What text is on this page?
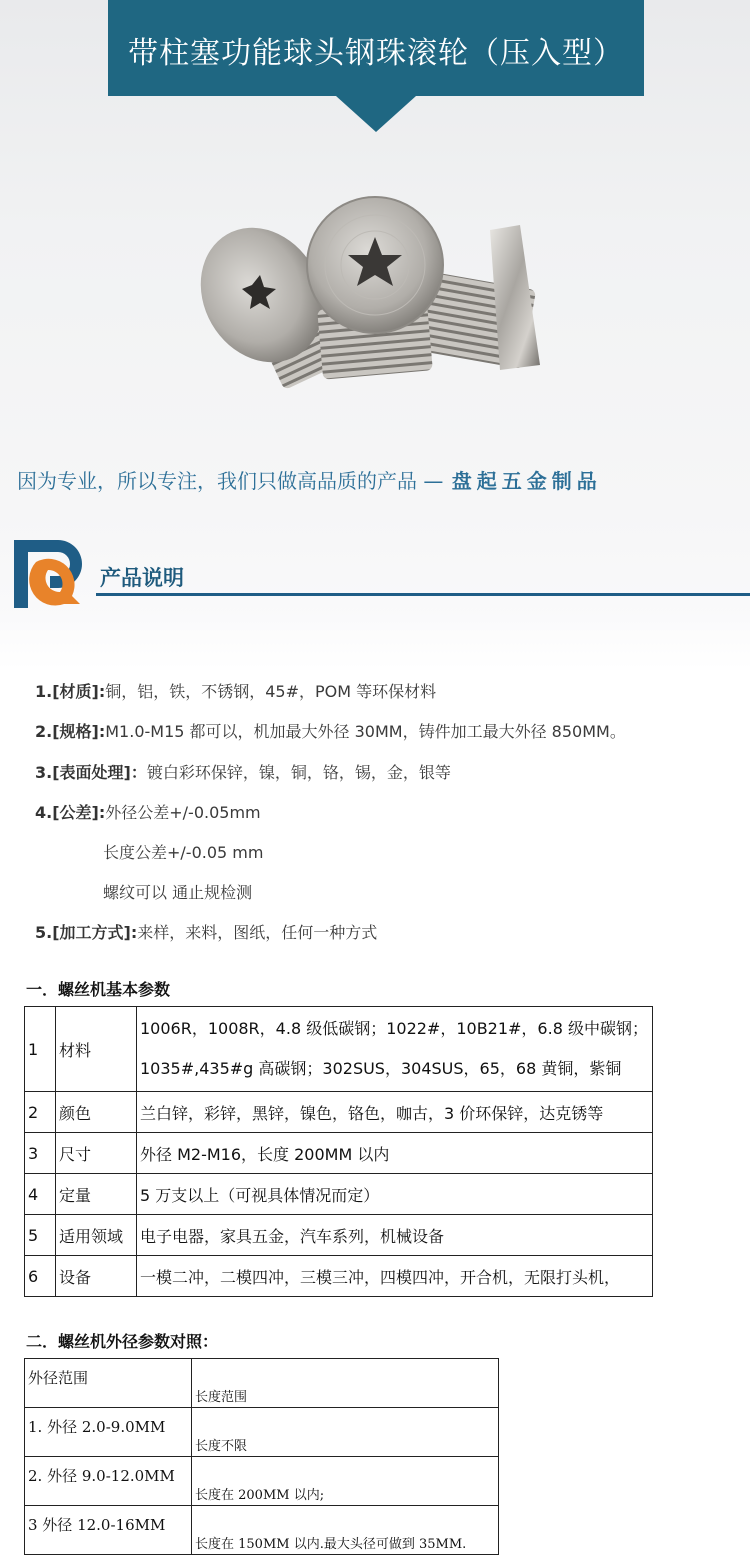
带柱塞功能球头钢珠滚轮（压入型）
因为专业，所以专注，我们只做高品质的产品 — 盘起五金制品
产品说明
1.[材质]:铜，铝，铁，不锈钢，45#，POM 等环保材料
2.[规格]:M1.0-M15 都可以，机加最大外径 30MM，铸件加工最大外径 850MM。
3.[表面处理]：镀白彩环保锌，镍，铜，铬，锡，金，银等
4.[公差]:外径公差+/-0.05mm
长度公差+/-0.05 mm
螺纹可以 通止规检测
5.[加工方式]:来样，来料，图纸，任何一种方式
一．螺丝机基本参数
1	材料	1006R，1008R，4.8 级低碳钢；1022#，10B21#，6.8 级中碳钢；
1035#,435#g 高碳钢；302SUS，304SUS，65，68 黄铜，紫铜

2	颜色	兰白锌，彩锌，黑锌，镍色，铬色，咖古，3 价环保锌，达克锈等
3	尺寸	外径 M2-M16，长度 200MM 以内
4	定量	5 万支以上（可视具体情况而定）
5	适用领域	电子电器，家具五金，汽车系列，机械设备
6	设备	一模二冲，二模四冲，三模三冲，四模四冲，开合机，无限打头机，
二．螺丝机外径参数对照：
外径范围	长度范围
1. 外径 2.0-9.0MM	长度不限
2. 外径 9.0-12.0MM	长度在 200MM 以内;
3 外径 12.0-16MM	长度在 150MM 以内.最大头径可做到 35MM.
